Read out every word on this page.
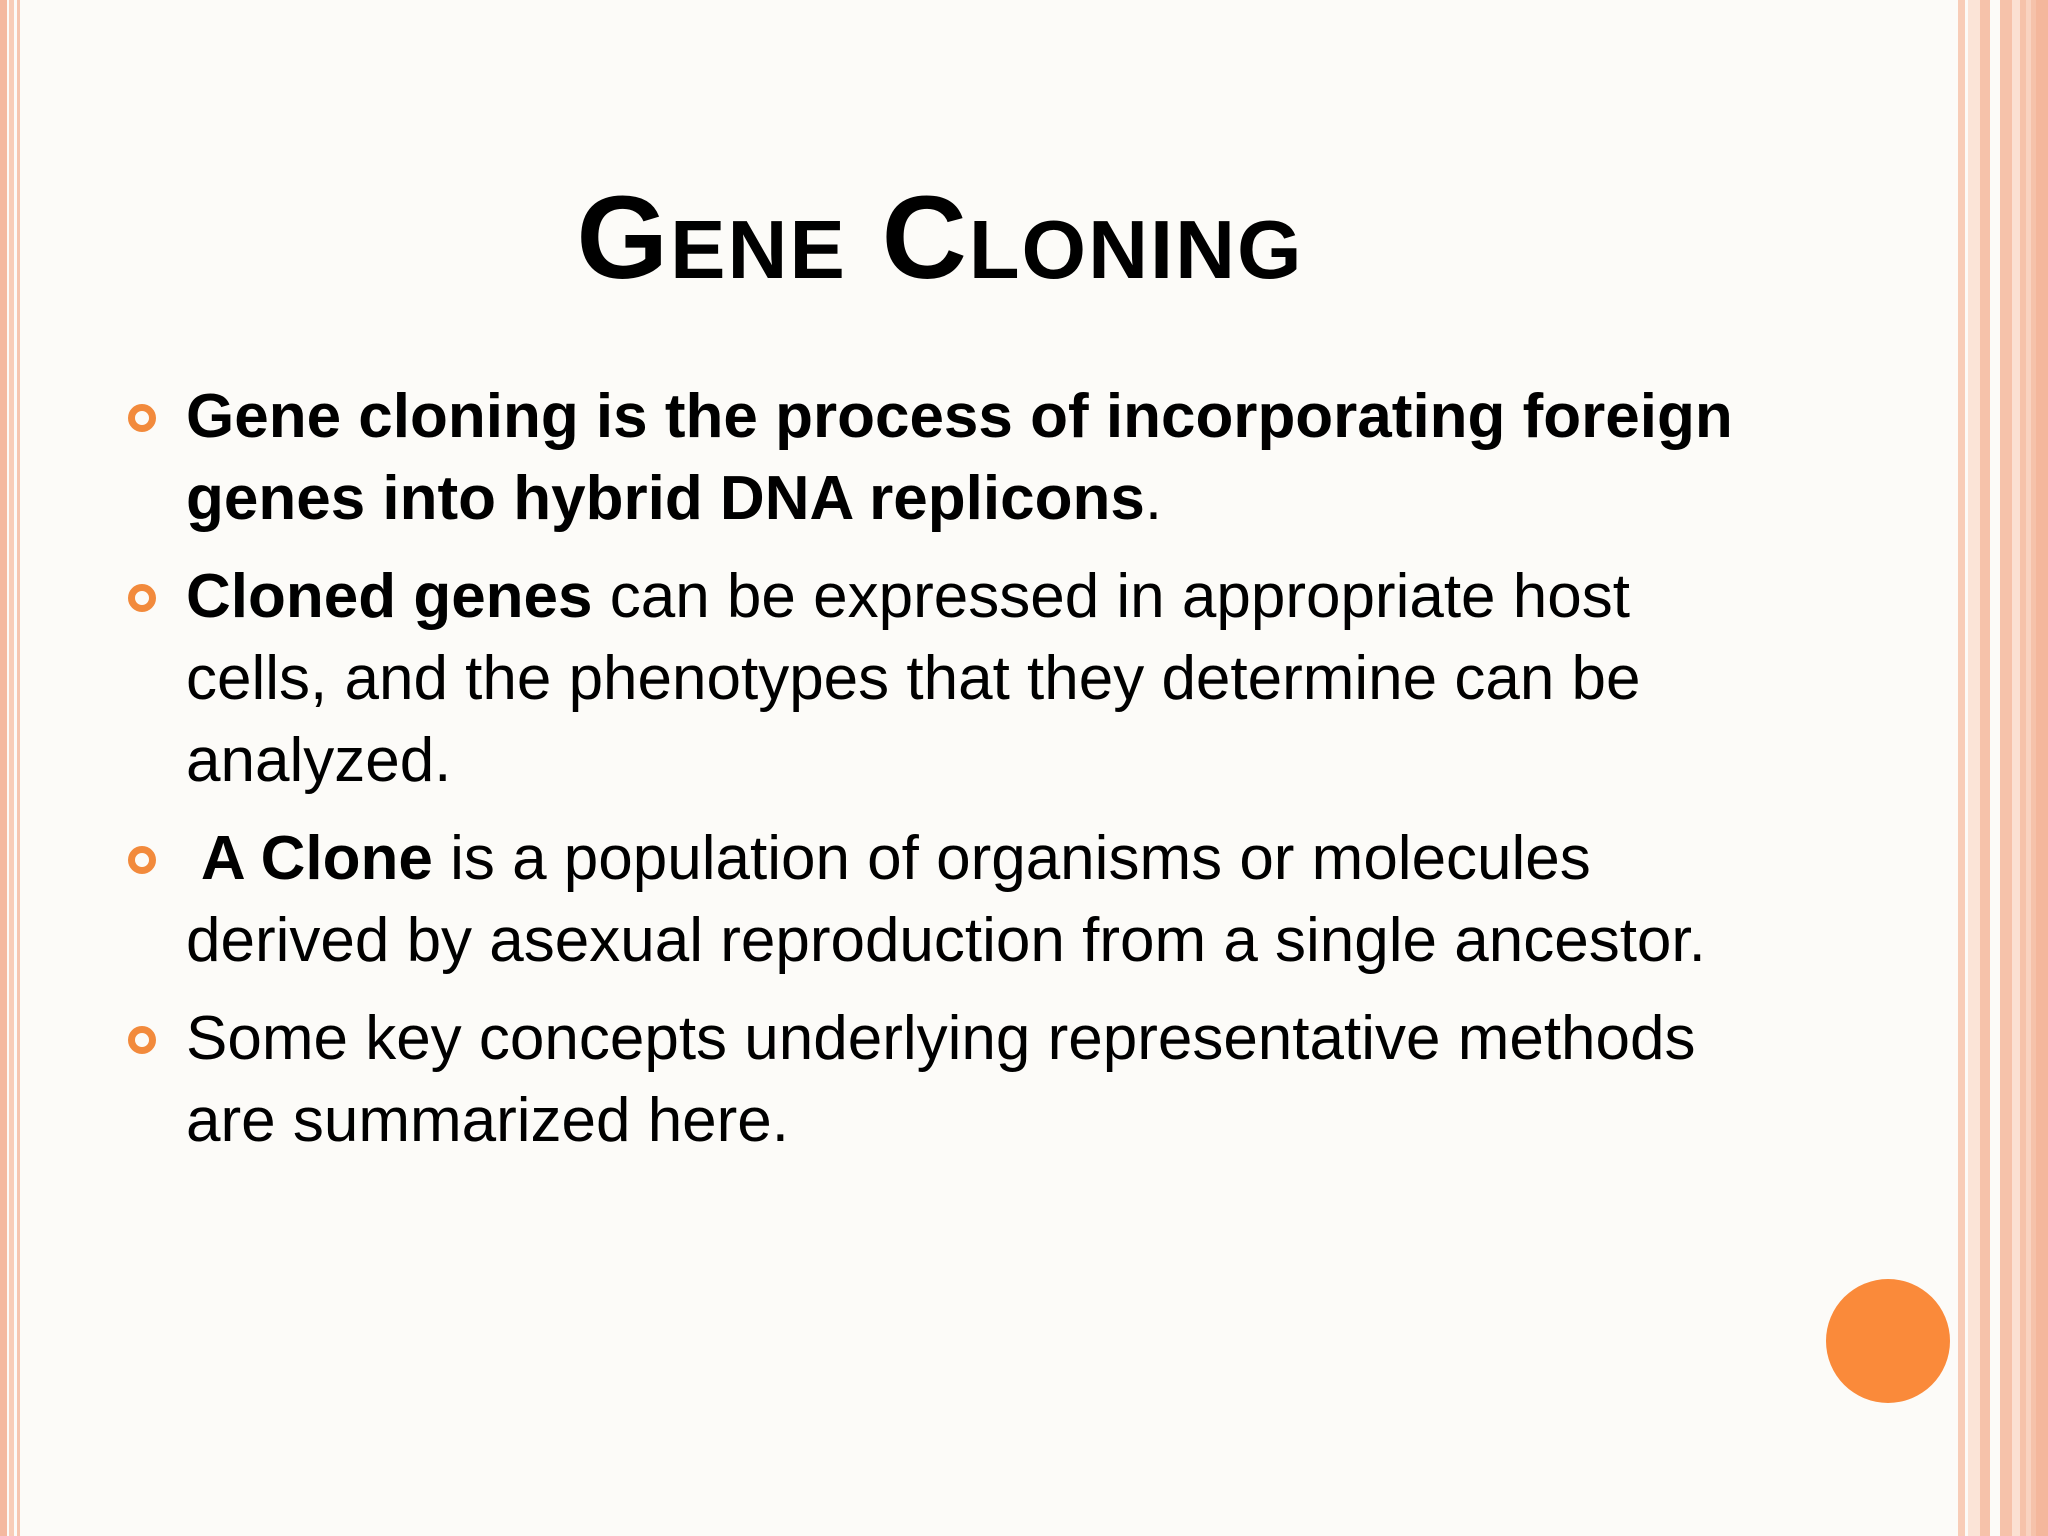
Gene Cloning
Gene cloning is the process of incorporating foreign genes into hybrid DNA replicons.
Cloned genes can be expressed in appropriate host cells, and the phenotypes that they determine can be analyzed.
A Clone is a population of organisms or molecules derived by asexual reproduction from a single ancestor.
Some key concepts underlying representative methods are summarized here.
